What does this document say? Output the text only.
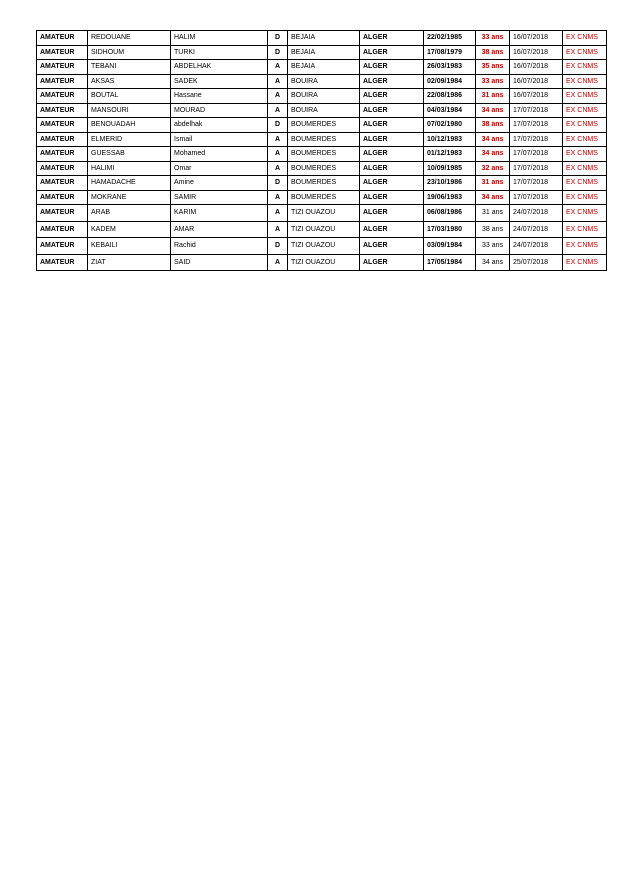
AMATEUR	REDOUANE	HALIM	D	BEJAIA	ALGER	22/02/1985	33 ans	16/07/2018	EX CNMS
AMATEUR	SIDHOUM	TURKI	D	BEJAIA	ALGER	17/08/1979	38 ans	16/07/2018	EX CNMS
AMATEUR	TEBANI	ABDELHAK	A	BEJAIA	ALGER	26/03/1983	35 ans	16/07/2018	EX CNMS
AMATEUR	AKSAS	SADEK	A	BOUIRA	ALGER	02/09/1984	33 ans	16/07/2018	EX CNMS
AMATEUR	BOUTAL	Hassane	A	BOUIRA	ALGER	22/08/1986	31 ans	16/07/2018	EX CNMS
AMATEUR	MANSOURI	MOURAD	A	BOUIRA	ALGER	04/03/1984	34 ans	17/07/2018	EX CNMS
AMATEUR	BENOUADAH	abdelhak	D	BOUMERDES	ALGER	07/02/1980	38 ans	17/07/2018	EX CNMS
AMATEUR	ELMERID	Ismail	A	BOUMERDES	ALGER	10/12/1983	34 ans	17/07/2018	EX CNMS
AMATEUR	GUESSAB	Mohamed	A	BOUMERDES	ALGER	01/12/1983	34 ans	17/07/2018	EX CNMS
AMATEUR	HALIMI	Omar	A	BOUMERDES	ALGER	10/09/1985	32 ans	17/07/2018	EX CNMS
AMATEUR	HAMADACHE	Amine	D	BOUMERDES	ALGER	23/10/1986	31 ans	17/07/2018	EX CNMS
AMATEUR	MOKRANE	SAMIR	A	BOUMERDES	ALGER	19/06/1983	34 ans	17/07/2018	EX CNMS
AMATEUR	ARAB	KARIM	A	TIZI OUAZOU	ALGER	06/08/1986	31 ans	24/07/2018	EX CNMS
AMATEUR	KADEM	AMAR	A	TIZI OUAZOU	ALGER	17/03/1980	38 ans	24/07/2018	EX CNMS
AMATEUR	KEBAILI	Rachid	D	TIZI OUAZOU	ALGER	03/09/1984	33 ans	24/07/2018	EX CNMS
AMATEUR	ZIAT	SAID	A	TIZI OUAZOU	ALGER	17/05/1984	34 ans	25/07/2018	EX CNMS
